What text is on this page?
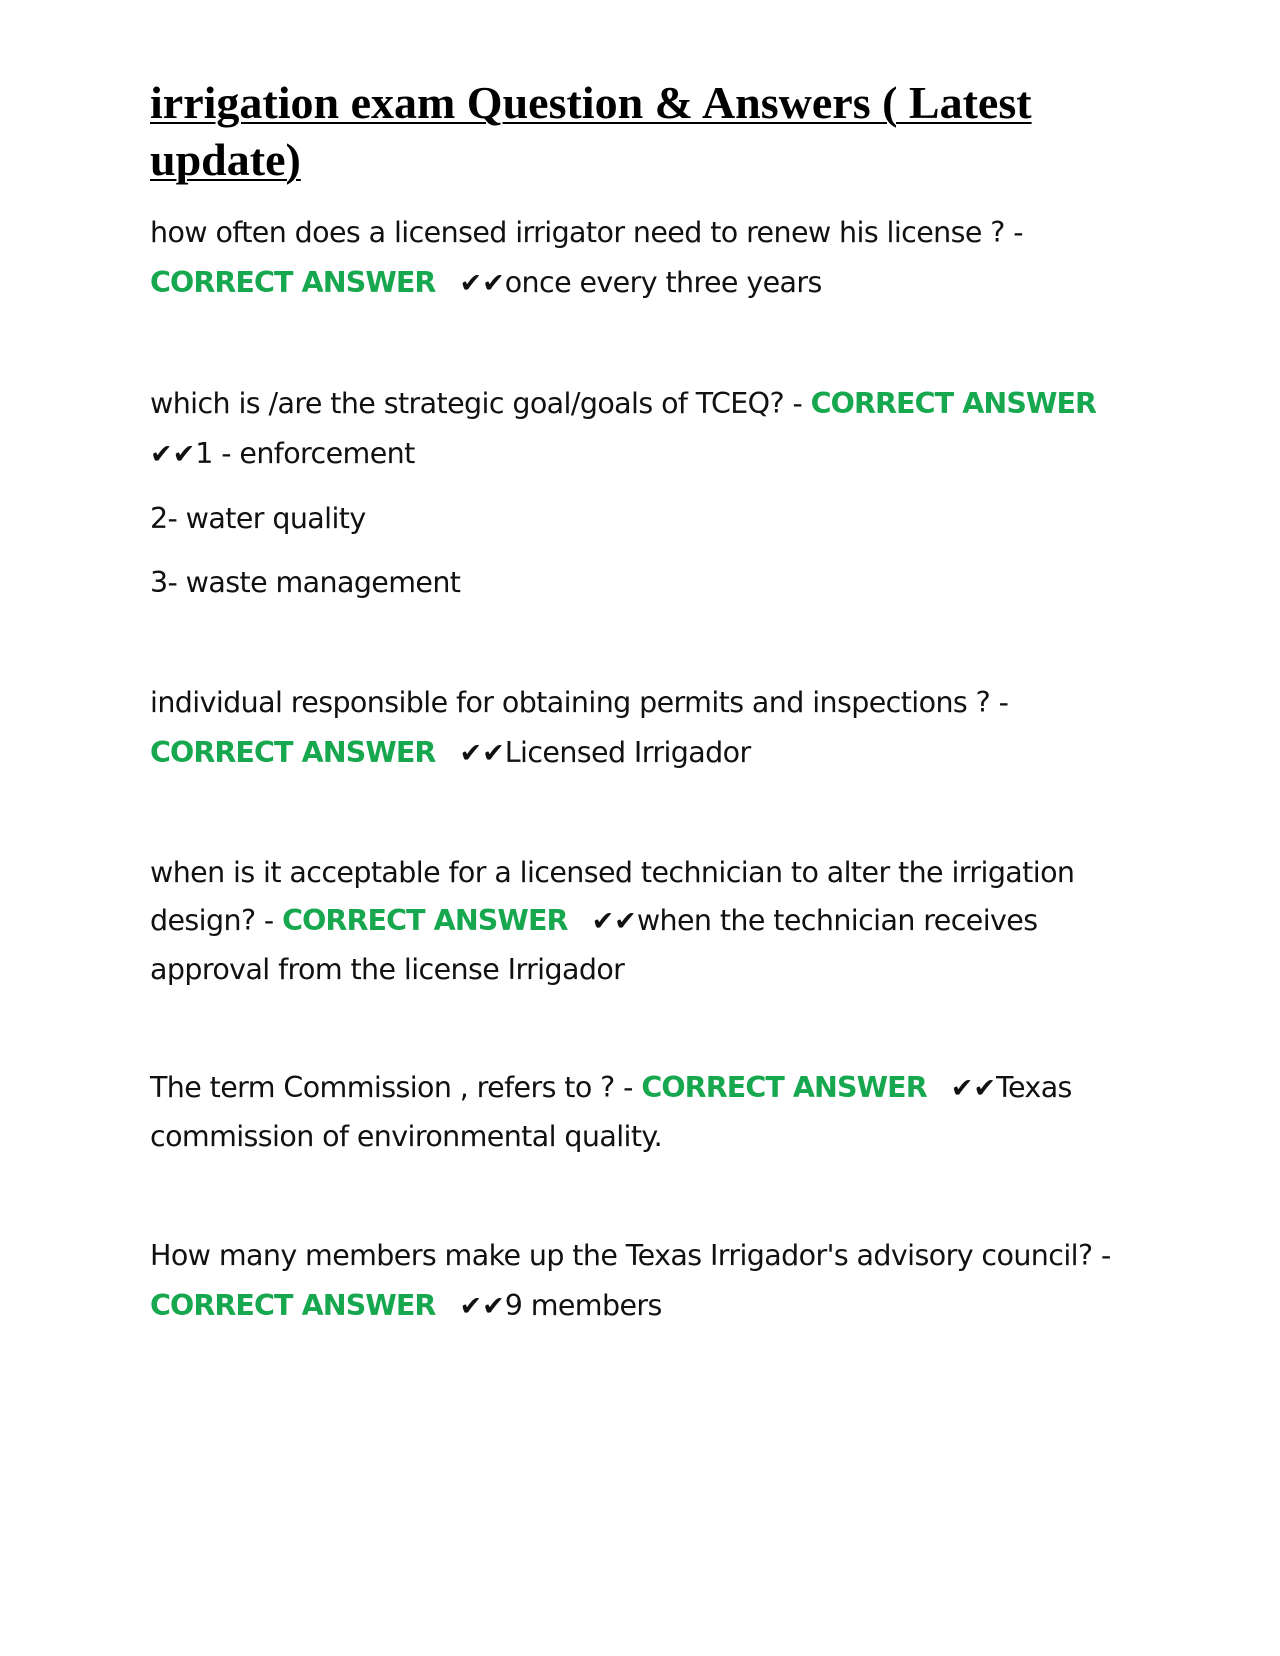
irrigation exam Question & Answers ( Latest update)

how often does a licensed irrigator need to renew his license ? -
CORRECT ANSWER ✔✔once every three years

which is /are the strategic goal/goals of TCEQ? - CORRECT ANSWER
✔✔1 - enforcement

2- water quality

3- waste management

individual responsible for obtaining permits and inspections ? -
CORRECT ANSWER ✔✔Licensed Irrigador

when is it acceptable for a licensed technician to alter the irrigation design? - CORRECT ANSWER ✔✔when the technician receives approval from the license Irrigador

The term Commission , refers to ? - CORRECT ANSWER ✔✔Texas commission of environmental quality.

How many members make up the Texas Irrigador's advisory council? -
CORRECT ANSWER ✔✔9 members
